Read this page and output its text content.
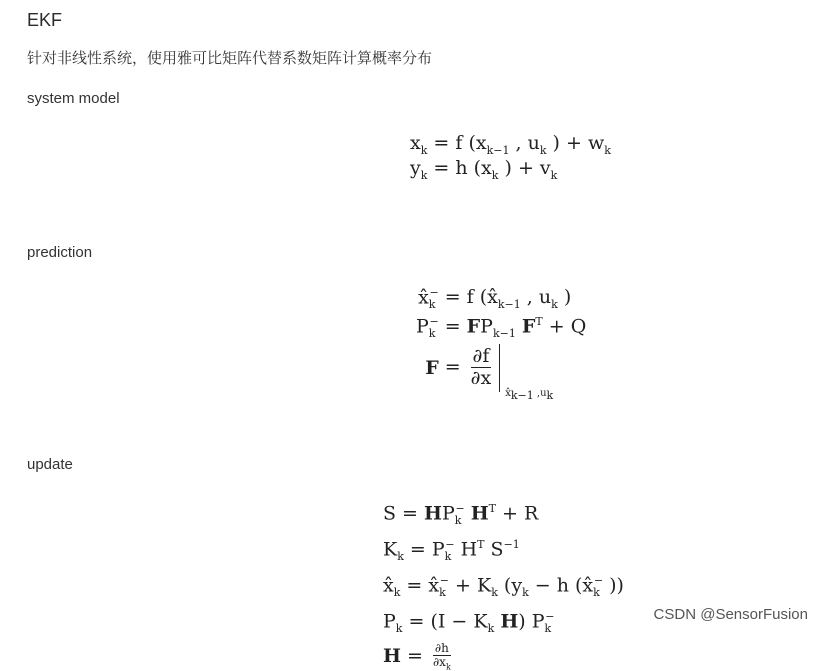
EKF
针对非线性系统，使用雅可比矩阵代替系数矩阵计算概率分布
system model
$x_k = f$ ($x_{k-1}$ , $u_k$ ) + $w_k$
$y_k = h$ ($x_k$ ) + $v_k$
prediction
$x̂_k^- = f$ ($x̂_{k-1}$ , $u_k$ )
$P_k^- = FP_{k-1}$ $F^T + Q$
$F = \frac{\partial f}{\partial x}$
$x̂_{k-1}$ $,u_k$
update
$S = HP_k^-$ $H^T + R$
$K_k = P_k^-$ $H^T$ $S^{-1}$
$x̂_k$ = $x̂_k^- + K_k$ ($y_k - h$ ($x̂_k^-$ ))
$P_k = (I - K_k$ H) $P_k^-$
$H = \frac{\partial h}{\partial x_k}$
CSDN @SensorFusion
